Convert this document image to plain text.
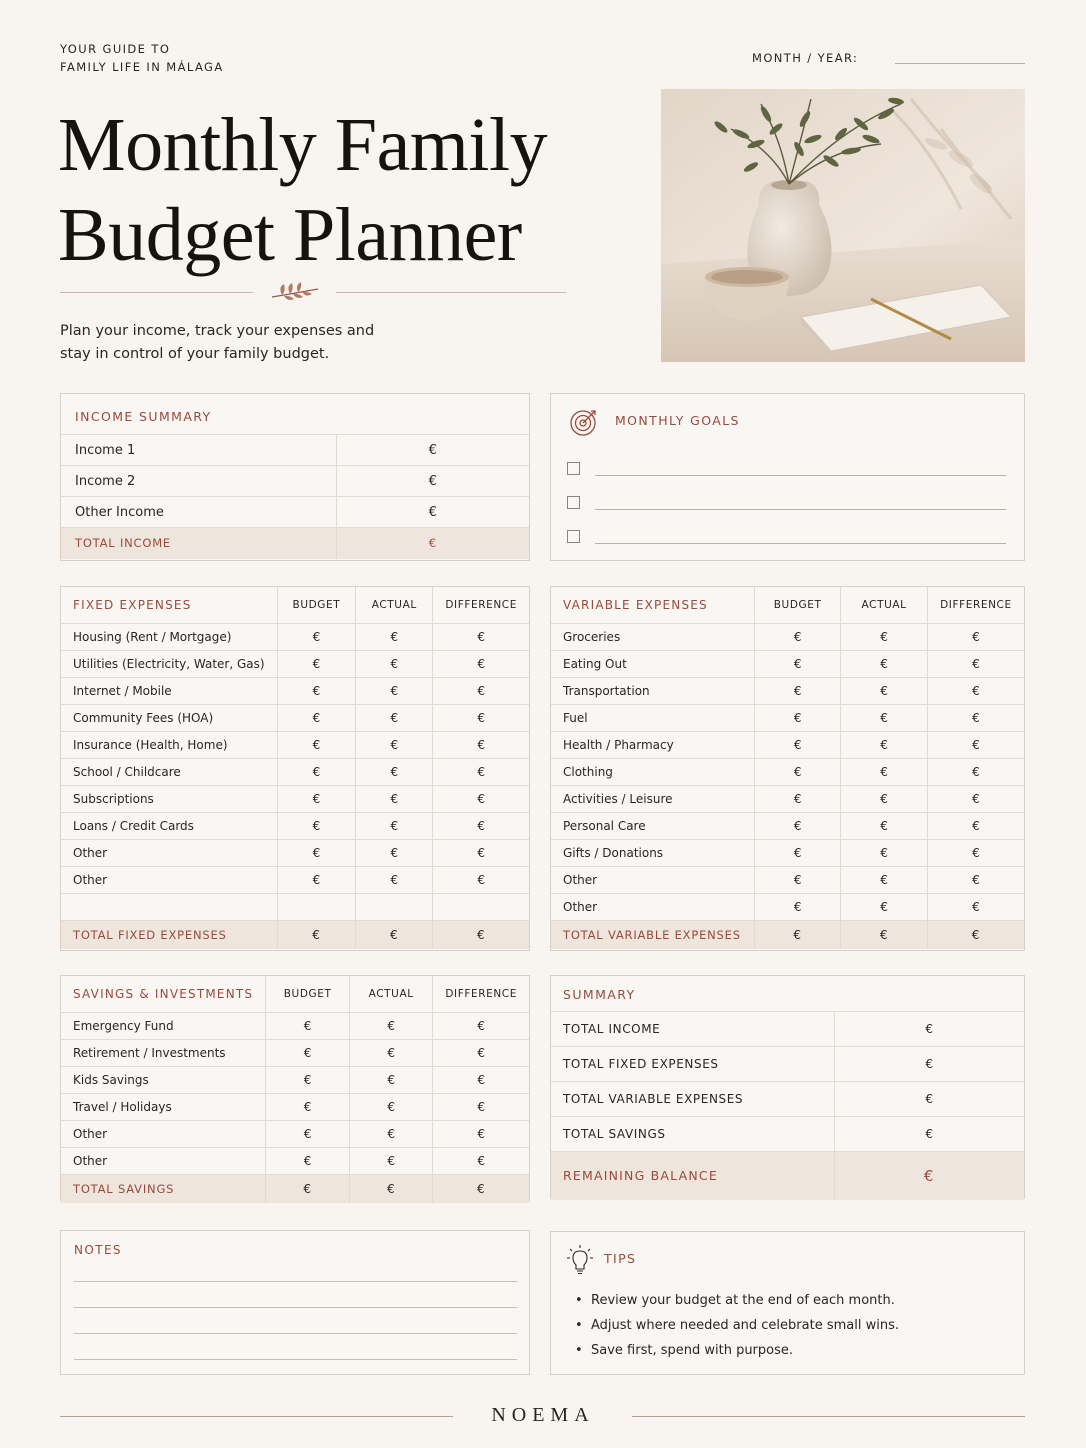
YOUR GUIDE TO
FAMILY LIFE IN MÁLAGA
MONTH / YEAR:
Monthly Family
Budget Planner
Plan your income, track your expenses and
stay in control of your family budget.
INCOME SUMMARY
Income 1	€
Income 2	€
Other Income	€
TOTAL INCOME	€
MONTHLY GOALS
FIXED EXPENSES	BUDGET	ACTUAL	DIFFERENCE
Housing (Rent / Mortgage)	€	€	€
Utilities (Electricity, Water, Gas)	€	€	€
Internet / Mobile	€	€	€
Community Fees (HOA)	€	€	€
Insurance (Health, Home)	€	€	€
School / Childcare	€	€	€
Subscriptions	€	€	€
Loans / Credit Cards	€	€	€
Other	€	€	€
Other	€	€	€

TOTAL FIXED EXPENSES	€	€	€
VARIABLE EXPENSES	BUDGET	ACTUAL	DIFFERENCE
Groceries	€	€	€
Eating Out	€	€	€
Transportation	€	€	€
Fuel	€	€	€
Health / Pharmacy	€	€	€
Clothing	€	€	€
Activities / Leisure	€	€	€
Personal Care	€	€	€
Gifts / Donations	€	€	€
Other	€	€	€
Other	€	€	€
TOTAL VARIABLE EXPENSES	€	€	€
SAVINGS & INVESTMENTS	BUDGET	ACTUAL	DIFFERENCE
Emergency Fund	€	€	€
Retirement / Investments	€	€	€
Kids Savings	€	€	€
Travel / Holidays	€	€	€
Other	€	€	€
Other	€	€	€
TOTAL SAVINGS	€	€	€
SUMMARY
TOTAL INCOME	€
TOTAL FIXED EXPENSES	€
TOTAL VARIABLE EXPENSES	€
TOTAL SAVINGS	€
REMAINING BALANCE	€
NOTES
TIPS
• Review your budget at the end of each month.
• Adjust where needed and celebrate small wins.
• Save first, spend with purpose.
NOEMA
